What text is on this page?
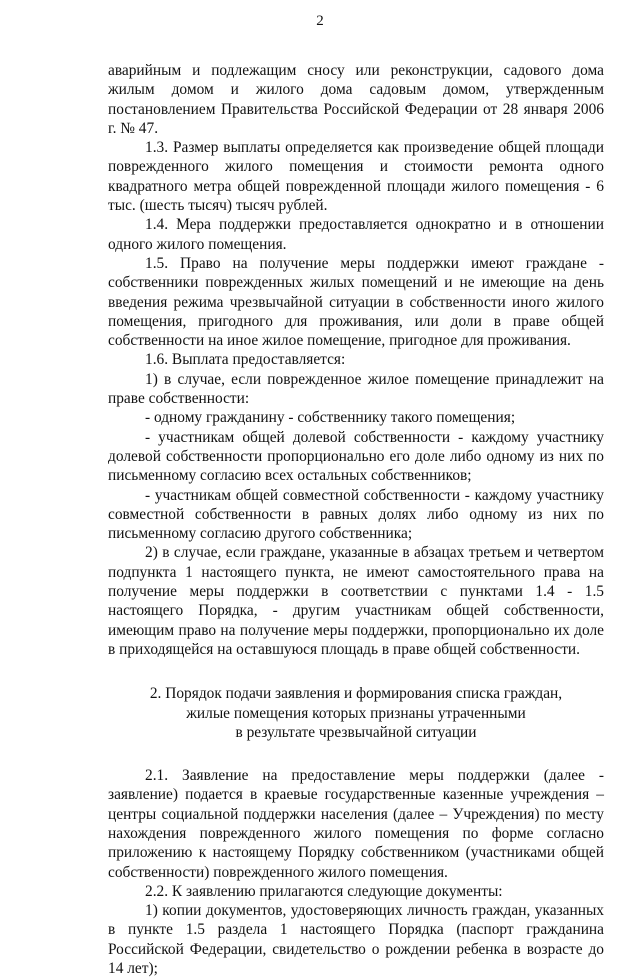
2

аварийным и подлежащим сносу или реконструкции, садового дома жилым домом и жилого дома садовым домом, утвержденным постановлением Правительства Российской Федерации от 28 января 2006 г. № 47.

1.3. Размер выплаты определяется как произведение общей площади поврежденного жилого помещения и стоимости ремонта одного квадратного метра общей поврежденной площади жилого помещения - 6 тыс. (шесть тысяч) тысяч рублей.

1.4. Мера поддержки предоставляется однократно и в отношении одного жилого помещения.

1.5. Право на получение меры поддержки имеют граждане - собственники поврежденных жилых помещений и не имеющие на день введения режима чрезвычайной ситуации в собственности иного жилого помещения, пригодного для проживания, или доли в праве общей собственности на иное жилое помещение, пригодное для проживания.

1.6. Выплата предоставляется:

1) в случае, если поврежденное жилое помещение принадлежит на праве собственности:

- одному гражданину - собственнику такого помещения;

- участникам общей долевой собственности - каждому участнику долевой собственности пропорционально его доле либо одному из них по письменному согласию всех остальных собственников;

- участникам общей совместной собственности - каждому участнику совместной собственности в равных долях либо одному из них по письменному согласию другого собственника;

2) в случае, если граждане, указанные в абзацах третьем и четвертом подпункта 1 настоящего пункта, не имеют самостоятельного права на получение меры поддержки в соответствии с пунктами 1.4 - 1.5 настоящего Порядка, - другим участникам общей собственности, имеющим право на получение меры поддержки, пропорционально их доле в приходящейся на оставшуюся площадь в праве общей собственности.

2. Порядок подачи заявления и формирования списка граждан,

жилые помещения которых признаны утраченными

в результате чрезвычайной ситуации

2.1. Заявление на предоставление меры поддержки (далее - заявление) подается в краевые государственные казенные учреждения – центры социальной поддержки населения (далее – Учреждения) по месту нахождения поврежденного жилого помещения по форме согласно приложению к настоящему Порядку собственником (участниками общей собственности) поврежденного жилого помещения.

2.2. К заявлению прилагаются следующие документы:

1) копии документов, удостоверяющих личность граждан, указанных в пункте 1.5 раздела 1 настоящего Порядка (паспорт гражданина Российской Федерации, свидетельство о рождении ребенка в возрасте до 14 лет);
